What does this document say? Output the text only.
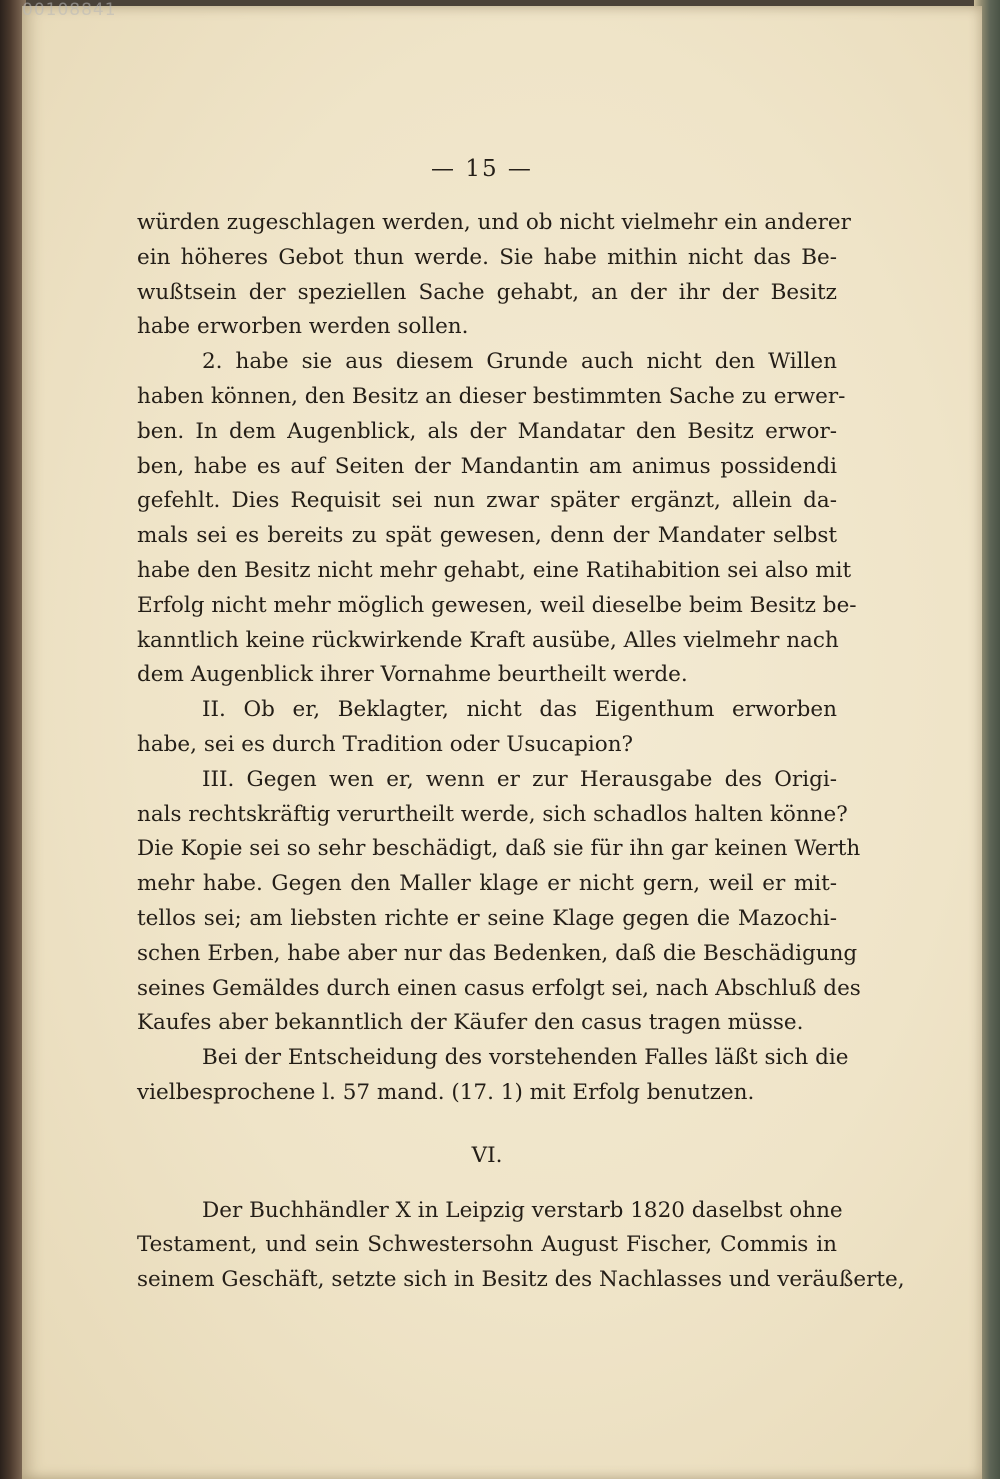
00108841
— 15 —
würden zugeschlagen werden, und ob nicht vielmehr ein anderer
ein höheres Gebot thun werde. Sie habe mithin nicht das Be-
wußtsein der speziellen Sache gehabt, an der ihr der Besitz
habe erworben werden sollen.
2. habe sie aus diesem Grunde auch nicht den Willen
haben können, den Besitz an dieser bestimmten Sache zu erwer-
ben. In dem Augenblick, als der Mandatar den Besitz erwor-
ben, habe es auf Seiten der Mandantin am animus possidendi
gefehlt. Dies Requisit sei nun zwar später ergänzt, allein da-
mals sei es bereits zu spät gewesen, denn der Mandater selbst
habe den Besitz nicht mehr gehabt, eine Ratihabition sei also mit
Erfolg nicht mehr möglich gewesen, weil dieselbe beim Besitz be-
kanntlich keine rückwirkende Kraft ausübe, Alles vielmehr nach
dem Augenblick ihrer Vornahme beurtheilt werde.
II. Ob er, Beklagter, nicht das Eigenthum erworben
habe, sei es durch Tradition oder Usucapion?
III. Gegen wen er, wenn er zur Herausgabe des Origi-
nals rechtskräftig verurtheilt werde, sich schadlos halten könne?
Die Kopie sei so sehr beschädigt, daß sie für ihn gar keinen Werth
mehr habe. Gegen den Maller klage er nicht gern, weil er mit-
tellos sei; am liebsten richte er seine Klage gegen die Mazochi-
schen Erben, habe aber nur das Bedenken, daß die Beschädigung
seines Gemäldes durch einen casus erfolgt sei, nach Abschluß des
Kaufes aber bekanntlich der Käufer den casus tragen müsse.
Bei der Entscheidung des vorstehenden Falles läßt sich die
vielbesprochene l. 57 mand. (17. 1) mit Erfolg benutzen.
VI.
Der Buchhändler X in Leipzig verstarb 1820 daselbst ohne
Testament, und sein Schwestersohn August Fischer, Commis in
seinem Geschäft, setzte sich in Besitz des Nachlasses und veräußerte,
